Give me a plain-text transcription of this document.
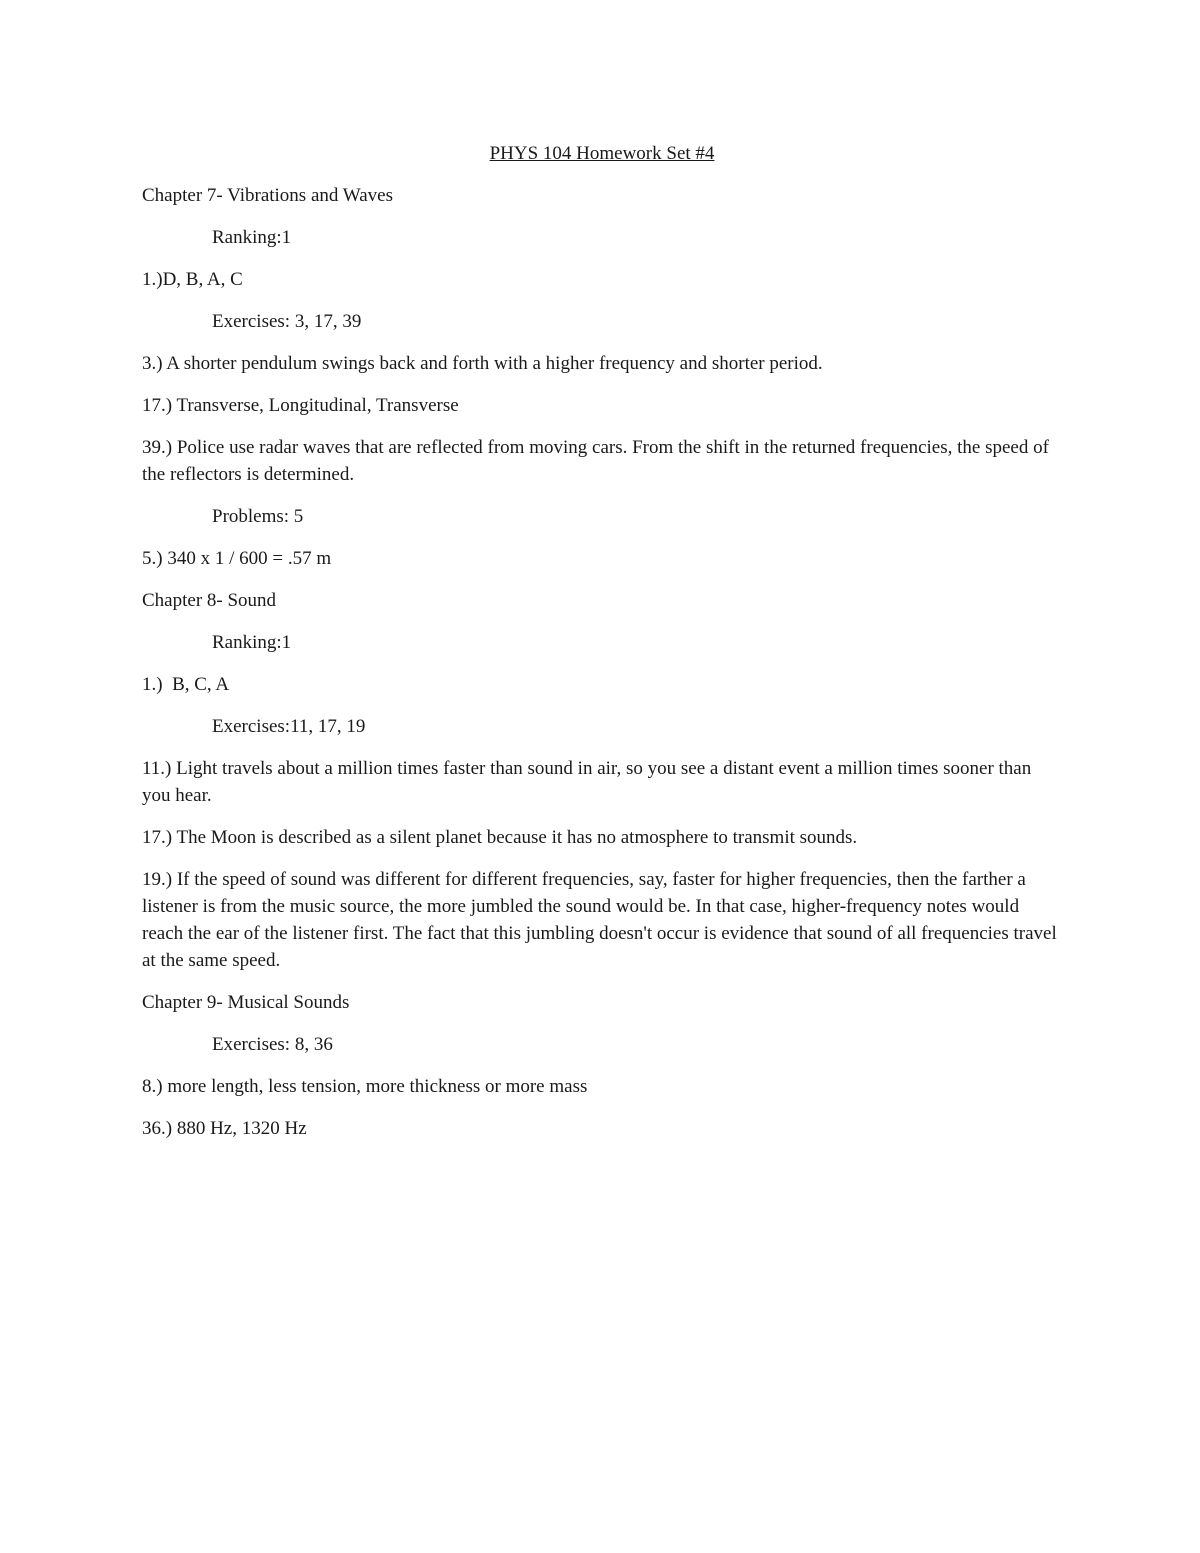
PHYS 104 Homework Set #4
Chapter 7- Vibrations and Waves
Ranking:1
1.)D, B, A, C
Exercises: 3, 17, 39
3.) A shorter pendulum swings back and forth with a higher frequency and shorter period.
17.) Transverse, Longitudinal, Transverse
39.) Police use radar waves that are reflected from moving cars. From the shift in the returned frequencies, the speed of the reflectors is determined.
Problems: 5
5.) 340 x 1 / 600 = .57 m
Chapter 8- Sound
Ranking:1
1.)  B, C, A
Exercises:11, 17, 19
11.) Light travels about a million times faster than sound in air, so you see a distant event a million times sooner than you hear.
17.) The Moon is described as a silent planet because it has no atmosphere to transmit sounds.
19.) If the speed of sound was different for different frequencies, say, faster for higher frequencies, then the farther a listener is from the music source, the more jumbled the sound would be. In that case, higher-frequency notes would reach the ear of the listener first. The fact that this jumbling doesn't occur is evidence that sound of all frequencies travel at the same speed.
Chapter 9- Musical Sounds
Exercises: 8, 36
8.) more length, less tension, more thickness or more mass
36.) 880 Hz, 1320 Hz
